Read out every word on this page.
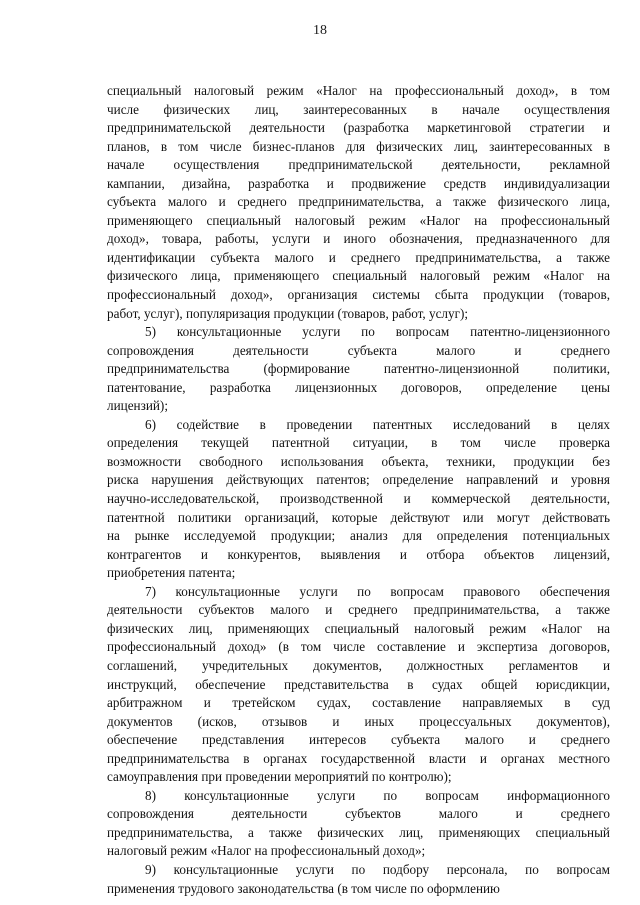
18
специальный налоговый режим «Налог на профессиональный доход», в том
числе физических лиц, заинтересованных в начале осуществления
предпринимательской деятельности (разработка маркетинговой стратегии и
планов, в том числе бизнес-планов для физических лиц, заинтересованных в
начале осуществления предпринимательской деятельности, рекламной
кампании, дизайна, разработка и продвижение средств индивидуализации
субъекта малого и среднего предпринимательства, а также физического лица,
применяющего специальный налоговый режим «Налог на профессиональный
доход», товара, работы, услуги и иного обозначения, предназначенного для
идентификации субъекта малого и среднего предпринимательства, а также
физического лица, применяющего специальный налоговый режим «Налог на
профессиональный доход», организация системы сбыта продукции (товаров,
работ, услуг), популяризация продукции (товаров, работ, услуг);
5) консультационные услуги по вопросам патентно-лицензионного
сопровождения деятельности субъекта малого и среднего
предпринимательства (формирование патентно-лицензионной политики,
патентование, разработка лицензионных договоров, определение цены
лицензий);
6) содействие в проведении патентных исследований в целях
определения текущей патентной ситуации, в том числе проверка
возможности свободного использования объекта, техники, продукции без
риска нарушения действующих патентов; определение направлений и уровня
научно-исследовательской, производственной и коммерческой деятельности,
патентной политики организаций, которые действуют или могут действовать
на рынке исследуемой продукции; анализ для определения потенциальных
контрагентов и конкурентов, выявления и отбора объектов лицензий,
приобретения патента;
7) консультационные услуги по вопросам правового обеспечения
деятельности субъектов малого и среднего предпринимательства, а также
физических лиц, применяющих специальный налоговый режим «Налог на
профессиональный доход» (в том числе составление и экспертиза договоров,
соглашений, учредительных документов, должностных регламентов и
инструкций, обеспечение представительства в судах общей юрисдикции,
арбитражном и третейском судах, составление направляемых в суд
документов (исков, отзывов и иных процессуальных документов),
обеспечение представления интересов субъекта малого и среднего
предпринимательства в органах государственной власти и органах местного
самоуправления при проведении мероприятий по контролю);
8) консультационные услуги по вопросам информационного
сопровождения деятельности субъектов малого и среднего
предпринимательства, а также физических лиц, применяющих специальный
налоговый режим «Налог на профессиональный доход»;
9) консультационные услуги по подбору персонала, по вопросам
применения трудового законодательства (в том числе по оформлению
